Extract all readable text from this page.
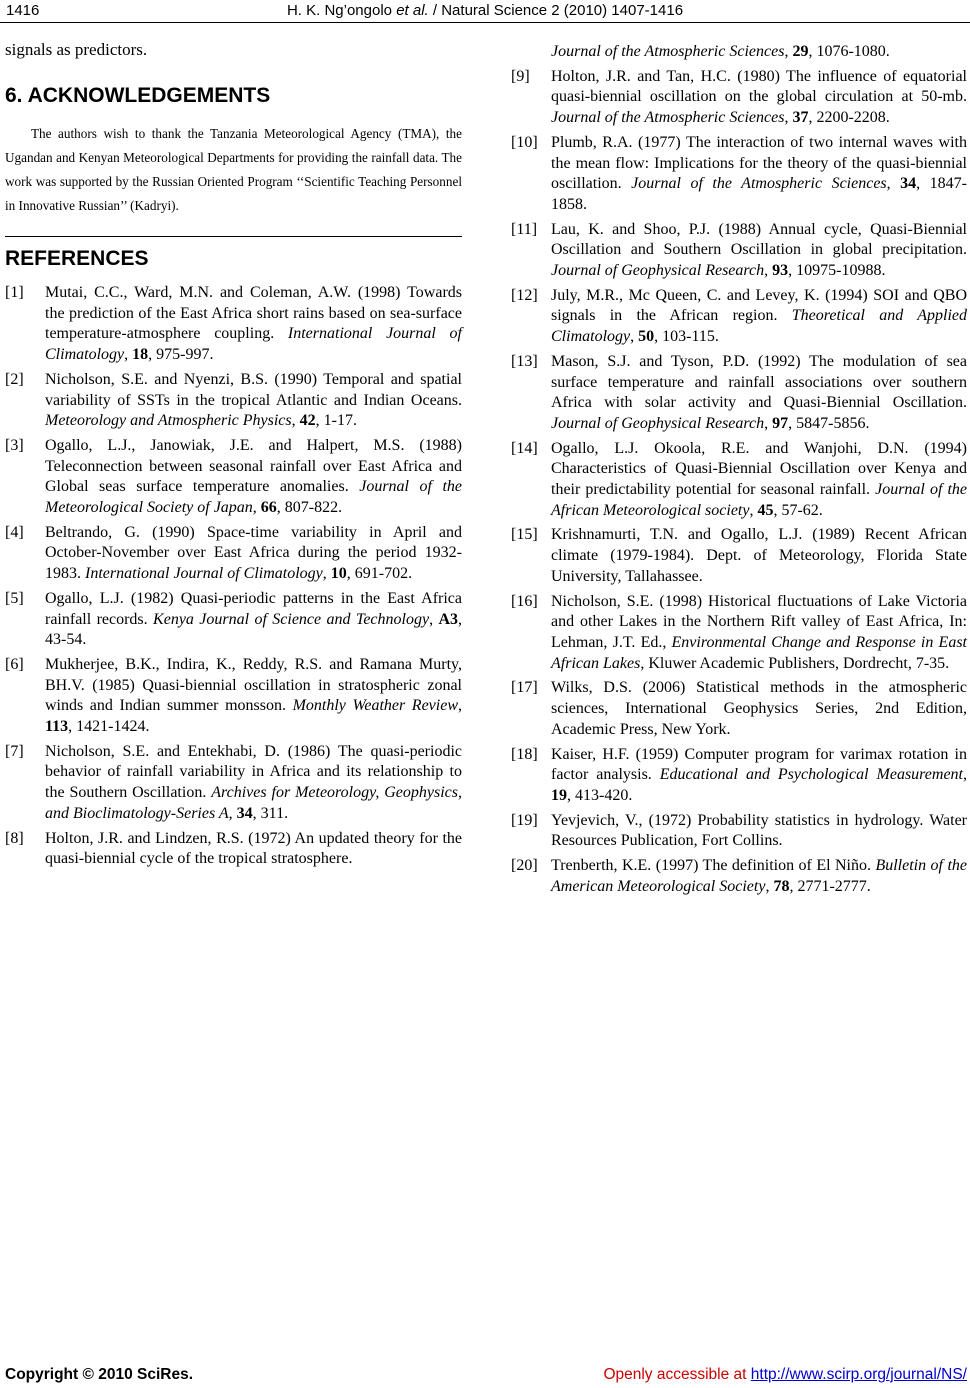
1416	H. K. Ng’ongolo et al. / Natural Science 2 (2010) 1407-1416

signals as predictors.

6. ACKNOWLEDGEMENTS

The authors wish to thank the Tanzania Meteorological Agency (TMA), the Ugandan and Kenyan Meteorological Departments for providing the rainfall data. The work was supported by the Russian Oriented Program ‘‘Scientific Teaching Personnel in Innovative Russian’’ (Kadryi).

REFERENCES

[1] Mutai, C.C., Ward, M.N. and Coleman, A.W. (1998) Towards the prediction of the East Africa short rains based on sea-surface temperature-atmosphere coupling. International Journal of Climatology, 18, 975-997.

[2] Nicholson, S.E. and Nyenzi, B.S. (1990) Temporal and spatial variability of SSTs in the tropical Atlantic and Indian Oceans. Meteorology and Atmospheric Physics, 42, 1-17.

[3] Ogallo, L.J., Janowiak, J.E. and Halpert, M.S. (1988) Teleconnection between seasonal rainfall over East Africa and Global seas surface temperature anomalies. Journal of the Meteorological Society of Japan, 66, 807-822.

[4] Beltrando, G. (1990) Space-time variability in April and October-November over East Africa during the period 1932-1983. International Journal of Climatology, 10, 691-702.

[5] Ogallo, L.J. (1982) Quasi-periodic patterns in the East Africa rainfall records. Kenya Journal of Science and Technology, A3, 43-54.

[6] Mukherjee, B.K., Indira, K., Reddy, R.S. and Ramana Murty, BH.V. (1985) Quasi-biennial oscillation in stratospheric zonal winds and Indian summer monsson. Monthly Weather Review, 113, 1421-1424.

[7] Nicholson, S.E. and Entekhabi, D. (1986) The quasi-periodic behavior of rainfall variability in Africa and its relationship to the Southern Oscillation. Archives for Meteorology, Geophysics, and Bioclimatology-Series A, 34, 311.

[8] Holton, J.R. and Lindzen, R.S. (1972) An updated theory for the quasi-biennial cycle of the tropical stratosphere.

Journal of the Atmospheric Sciences, 29, 1076-1080.

[9] Holton, J.R. and Tan, H.C. (1980) The influence of equatorial quasi-biennial oscillation on the global circulation at 50-mb. Journal of the Atmospheric Sciences, 37, 2200-2208.

[10] Plumb, R.A. (1977) The interaction of two internal waves with the mean flow: Implications for the theory of the quasi-biennial oscillation. Journal of the Atmospheric Sciences, 34, 1847- 1858.

[11] Lau, K. and Shoo, P.J. (1988) Annual cycle, Quasi-Biennial Oscillation and Southern Oscillation in global precipitation. Journal of Geophysical Research, 93, 10975-10988.

[12] July, M.R., Mc Queen, C. and Levey, K. (1994) SOI and QBO signals in the African region. Theoretical and Applied Climatology, 50, 103-115.

[13] Mason, S.J. and Tyson, P.D. (1992) The modulation of sea surface temperature and rainfall associations over southern Africa with solar activity and Quasi-Biennial Oscillation. Journal of Geophysical Research, 97, 5847-5856.

[14] Ogallo, L.J. Okoola, R.E. and Wanjohi, D.N. (1994) Characteristics of Quasi-Biennial Oscillation over Kenya and their predictability potential for seasonal rainfall. Journal of the African Meteorological society, 45, 57-62.

[15] Krishnamurti, T.N. and Ogallo, L.J. (1989) Recent African climate (1979-1984). Dept. of Meteorology, Florida State University, Tallahassee.

[16] Nicholson, S.E. (1998) Historical fluctuations of Lake Victoria and other Lakes in the Northern Rift valley of East Africa, In: Lehman, J.T. Ed., Environmental Change and Response in East African Lakes, Kluwer Academic Publishers, Dordrecht, 7-35.

[17] Wilks, D.S. (2006) Statistical methods in the atmospheric sciences, International Geophysics Series, 2nd Edition, Academic Press, New York.

[18] Kaiser, H.F. (1959) Computer program for varimax rotation in factor analysis. Educational and Psychological Measurement, 19, 413-420.

[19] Yevjevich, V., (1972) Probability statistics in hydrology. Water Resources Publication, Fort Collins.

[20] Trenberth, K.E. (1997) The definition of El Niño. Bulletin of the American Meteorological Society, 78, 2771-2777.

Copyright © 2010 SciRes.	Openly accessible at http://www.scirp.org/journal/NS/
